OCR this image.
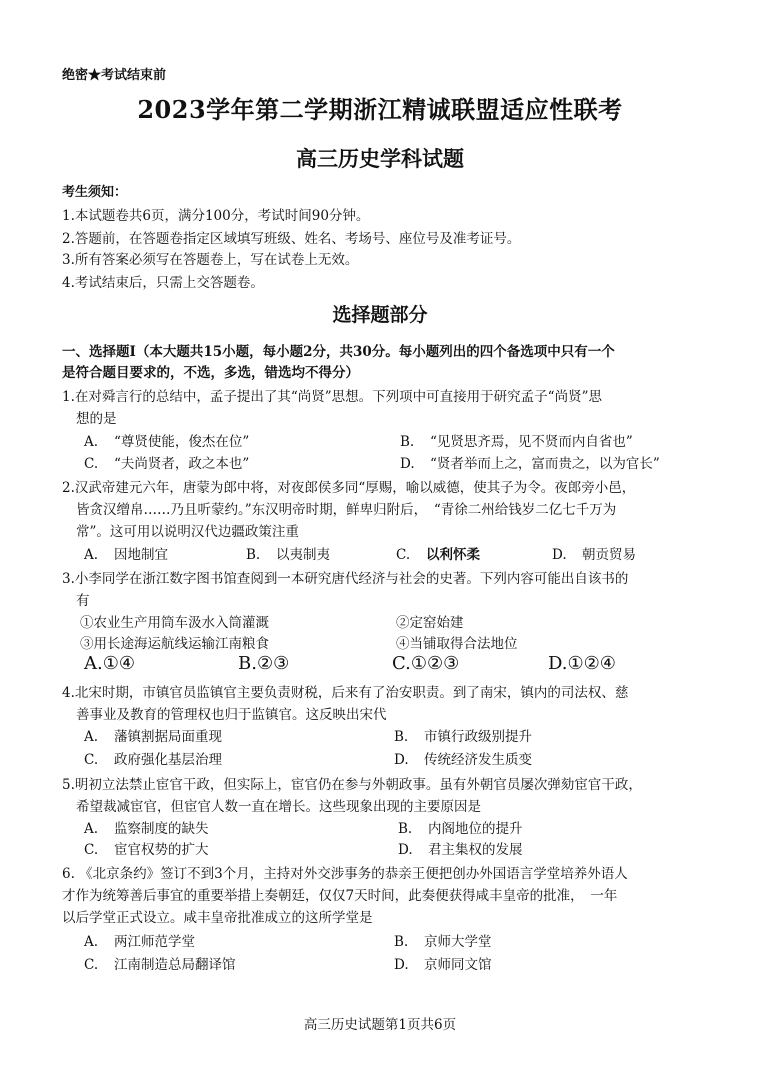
绝密★考试结束前
2023学年第二学期浙江精诚联盟适应性联考
高三历史学科试题
考生须知：
1.本试题卷共6页，满分100分，考试时间90分钟。
2.答题前，在答题卷指定区域填写班级、姓名、考场号、座位号及准考证号。
3.所有答案必须写在答题卷上，写在试卷上无效。
4.考试结束后，只需上交答题卷。
选择题部分
一、选择题Ⅰ（本大题共15小题，每小题2分，共30分。每小题列出的四个备选项中只有一个
是符合题目要求的，不选，多选，错选均不得分）
1.在对舜言行的总结中，孟子提出了其“尚贤”思想。下列项中可直接用于研究孟子“尚贤”思
想的是
A. “尊贤使能，俊杰在位”	B. “见贤思齐焉，见不贤而内自省也”
C. “夫尚贤者，政之本也”	D. “贤者举而上之，富而贵之，以为官长”
2.汉武帝建元六年，唐蒙为郎中将，对夜郎侯多同“厚赐，喻以威德，使其子为令。夜郎旁小邑，
皆贪汉缯帛……乃且听蒙约。”东汉明帝时期，鲜卑归附后，　“青徐二州给钱岁二亿七千万为
常”。这可用以说明汉代边疆政策注重
A. 因地制宜	B. 以夷制夷	C. 以利怀柔	D. 朝贡贸易
3.小李同学在浙江数字图书馆查阅到一本研究唐代经济与社会的史著。下列内容可能出自该书的
有
①农业生产用筒车汲水入筒灌溉	②定窑始建
③用长途海运航线运输江南粮食	④当铺取得合法地位
A.①④	B.②③	C.①②③	D.①②④
4.北宋时期，市镇官员监镇官主要负责财税，后来有了治安职责。到了南宋，镇内的司法权、慈
善事业及教育的管理权也归于监镇官。这反映出宋代
A. 藩镇割据局面重现	B. 市镇行政级别提升
C. 政府强化基层治理	D. 传统经济发生质变
5.明初立法禁止宦官干政，但实际上，宦官仍在参与外朝政事。虽有外朝官员屡次弹劾宦官干政，
希望裁减宦官，但宦官人数一直在增长。这些现象出现的主要原因是
A. 监察制度的缺失	B. 内阁地位的提升
C. 宦官权势的扩大	D. 君主集权的发展
6. 《北京条约》签订不到3个月，主持对外交涉事务的恭亲王便把创办外国语言学堂培养外语人
才作为统筹善后事宜的重要举措上奏朝廷，仅仅7天时间，此奏便获得咸丰皇帝的批准，　一年
以后学堂正式设立。咸丰皇帝批准成立的这所学堂是
A. 两江师范学堂	B. 京师大学堂
C. 江南制造总局翻译馆	D. 京师同文馆
高三历史试题第1页共6页
